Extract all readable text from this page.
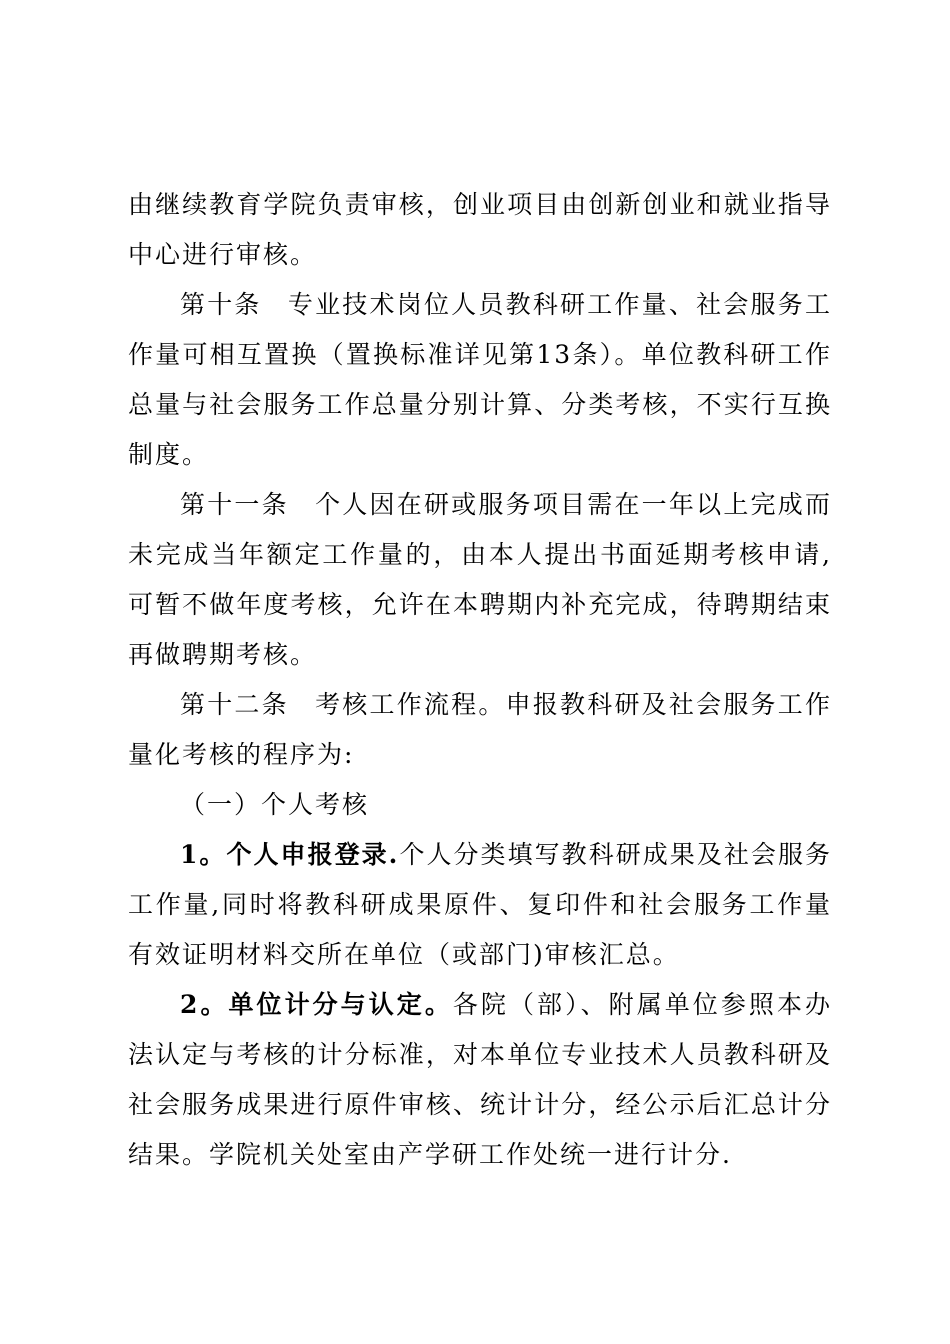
由继续教育学院负责审核，创业项目由创新创业和就业指导中心进行审核。

第十条 专业技术岗位人员教科研工作量、社会服务工作量可相互置换（置换标准详见第13条）。单位教科研工作总量与社会服务工作总量分别计算、分类考核，不实行互换制度。

第十一条 个人因在研或服务项目需在一年以上完成而未完成当年额定工作量的，由本人提出书面延期考核申请,可暂不做年度考核，允许在本聘期内补充完成，待聘期结束再做聘期考核。

第十二条 考核工作流程。申报教科研及社会服务工作量化考核的程序为:

（一）个人考核

1。个人申报登录.个人分类填写教科研成果及社会服务工作量,同时将教科研成果原件、复印件和社会服务工作量有效证明材料交所在单位（或部门)审核汇总。

2。单位计分与认定。各院（部）、附属单位参照本办法认定与考核的计分标准，对本单位专业技术人员教科研及社会服务成果进行原件审核、统计计分，经公示后汇总计分结果。学院机关处室由产学研工作处统一进行计分.
